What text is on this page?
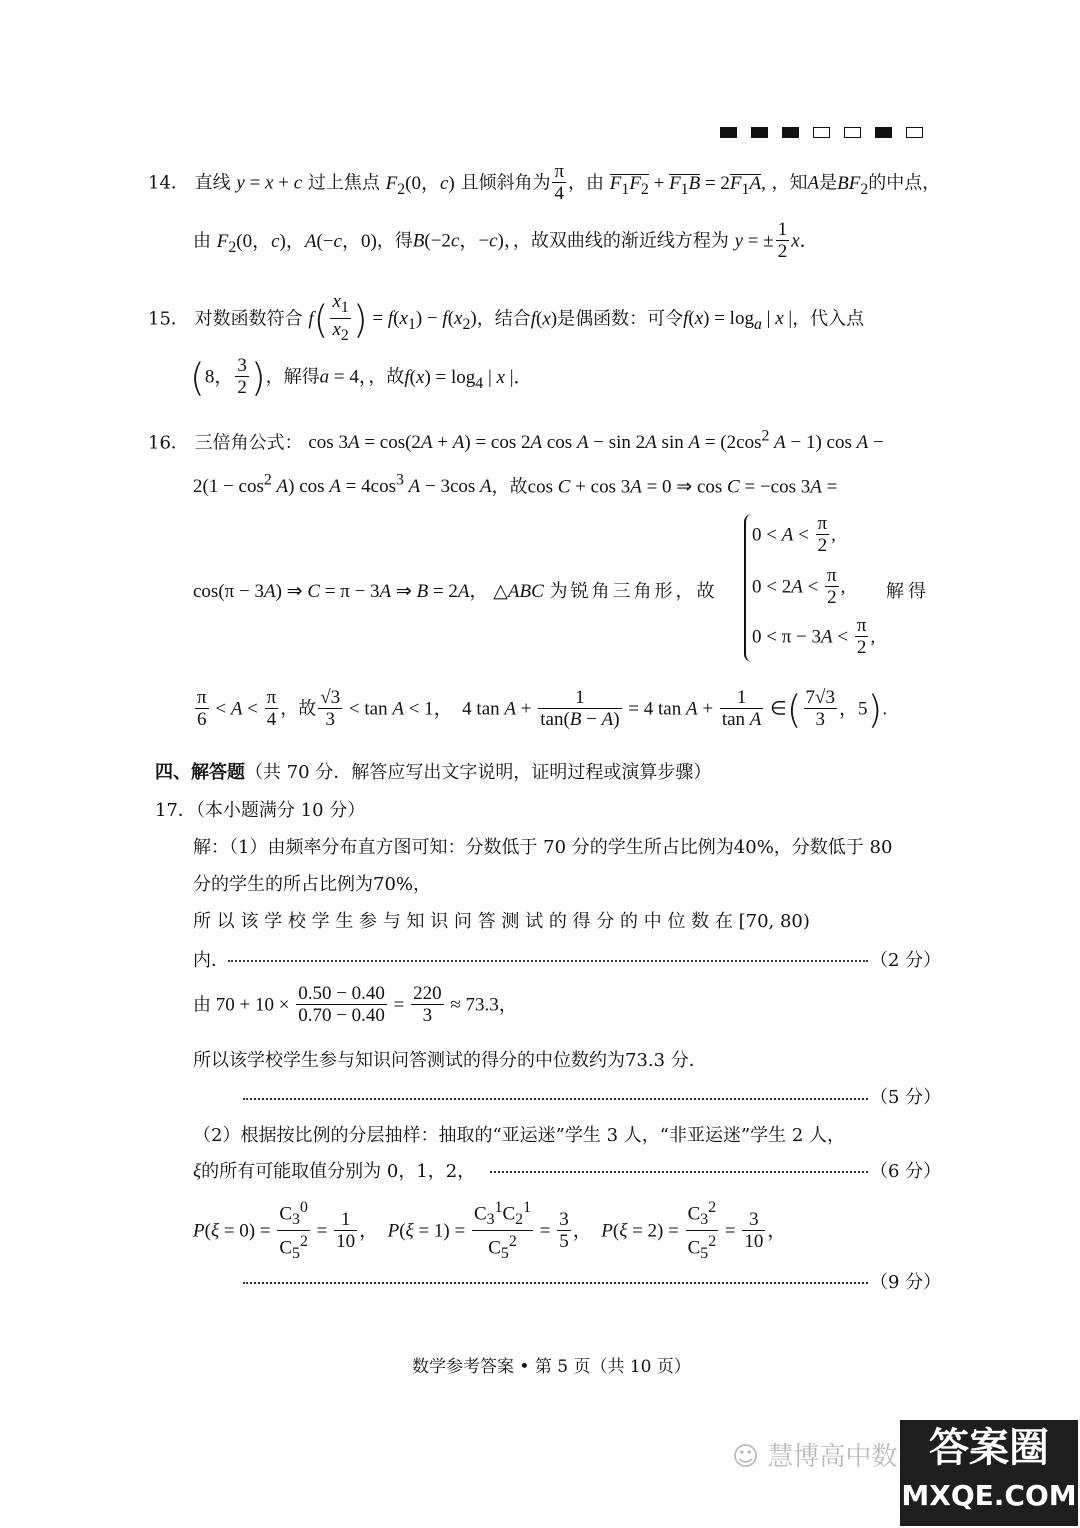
14． 直线 y = x + c 过上焦点 $F_2(0$，c) 且倾斜角为 $\frac{\pi}{4}$ ，由 $F_1F_2 + F_1B = 2F_1A$, ，知A是$BF_2$的中点，
由 $F_2(0$，c)，A(−c，0)，得B(−2c，−c)，，故双曲线的渐近线方程为 y = ± $\frac{1}{2}$ x．
15． 对数函数符合 $f( \frac{x_1}{x_2}$ ) = $f(x_1) - f(x_2)$，结合f(x)是偶函数：可令$f(x) = \log_a$ | x |，代入点
(8， $\frac{3}{2}$ )，解得a = 4，，故$f(x) = \log_4$ | x |．
16． 三倍角公式： cos 3A = cos(2A + A) = cos 2A cos A − sin 2A $\sin A = (2\cos^2$ A − 1) cos A −
$2(1 - \cos^2 A)$ $\cos A = 4\cos^3$ A − 3cos A，故cos C + cos 3A = 0 ⇒ cos C = −cos 3A =
$0 < A < \frac{\pi}{2}$ ,
$0 < 2A < \frac{\pi}{2}$ ,
$0 < \pi - 3A < \frac{\pi}{2}$ ,
cos(π − 3A) ⇒ C = π − 3A ⇒ B = 2A， △ABC 为锐角三角形，故	解得
$\frac{\pi}{6} < A < \frac{\pi}{4}$ ，故 $\frac{√3}{3} < \tan A < 1$，  4 $\tan A + \frac{1}{\tan(B - A)} = 4$ $\tan A + \frac{1}{\text{tan A}}$ ∈( $\frac{7√3}{3}$ ，5).
四、解答题（共 70 分．解答应写出文字说明，证明过程或演算步骤）
17．（本小题满分 10 分）
解：（1）由频率分布直方图可知：分数低于 70 分的学生所占比例为40%，分数低于 80
分的学生的所占比例为70%，
所 以 该 学 校 学 生 参 与 知 识 问 答 测 试 的 得 分 的 中 位 数 在 [70, 80)
内．	（2 分）
由 $70 + 10 \times \frac{0.50 - 0.40}{0.70 - 0.40} = \frac{220}{3} \approx 73.3$，
所以该学校学生参与知识问答测试的得分的中位数约为73.3 分．
（5 分）
（2）根据按比例的分层抽样：抽取的“亚运迷”学生 3 人，“非亚运迷”学生 2 人，
ξ的所有可能取值分别为 0，1，2，	（6 分）
$P(\xi = 0) = \frac{C_3^0}{C_5^2} = \frac{1}{10}$ ，  $P(\xi = 1) = \frac{C_3^1C_2^1}{C_5^2} = \frac{3}{5}$ ，  $P(\xi = 2) = \frac{C_3^2}{C_5^2} = \frac{3}{10}$ ，
（9 分）
数学参考答案 • 第 5 页（共 10 页）
☺ 慧博高中数 答案圈
MXQE.COM
